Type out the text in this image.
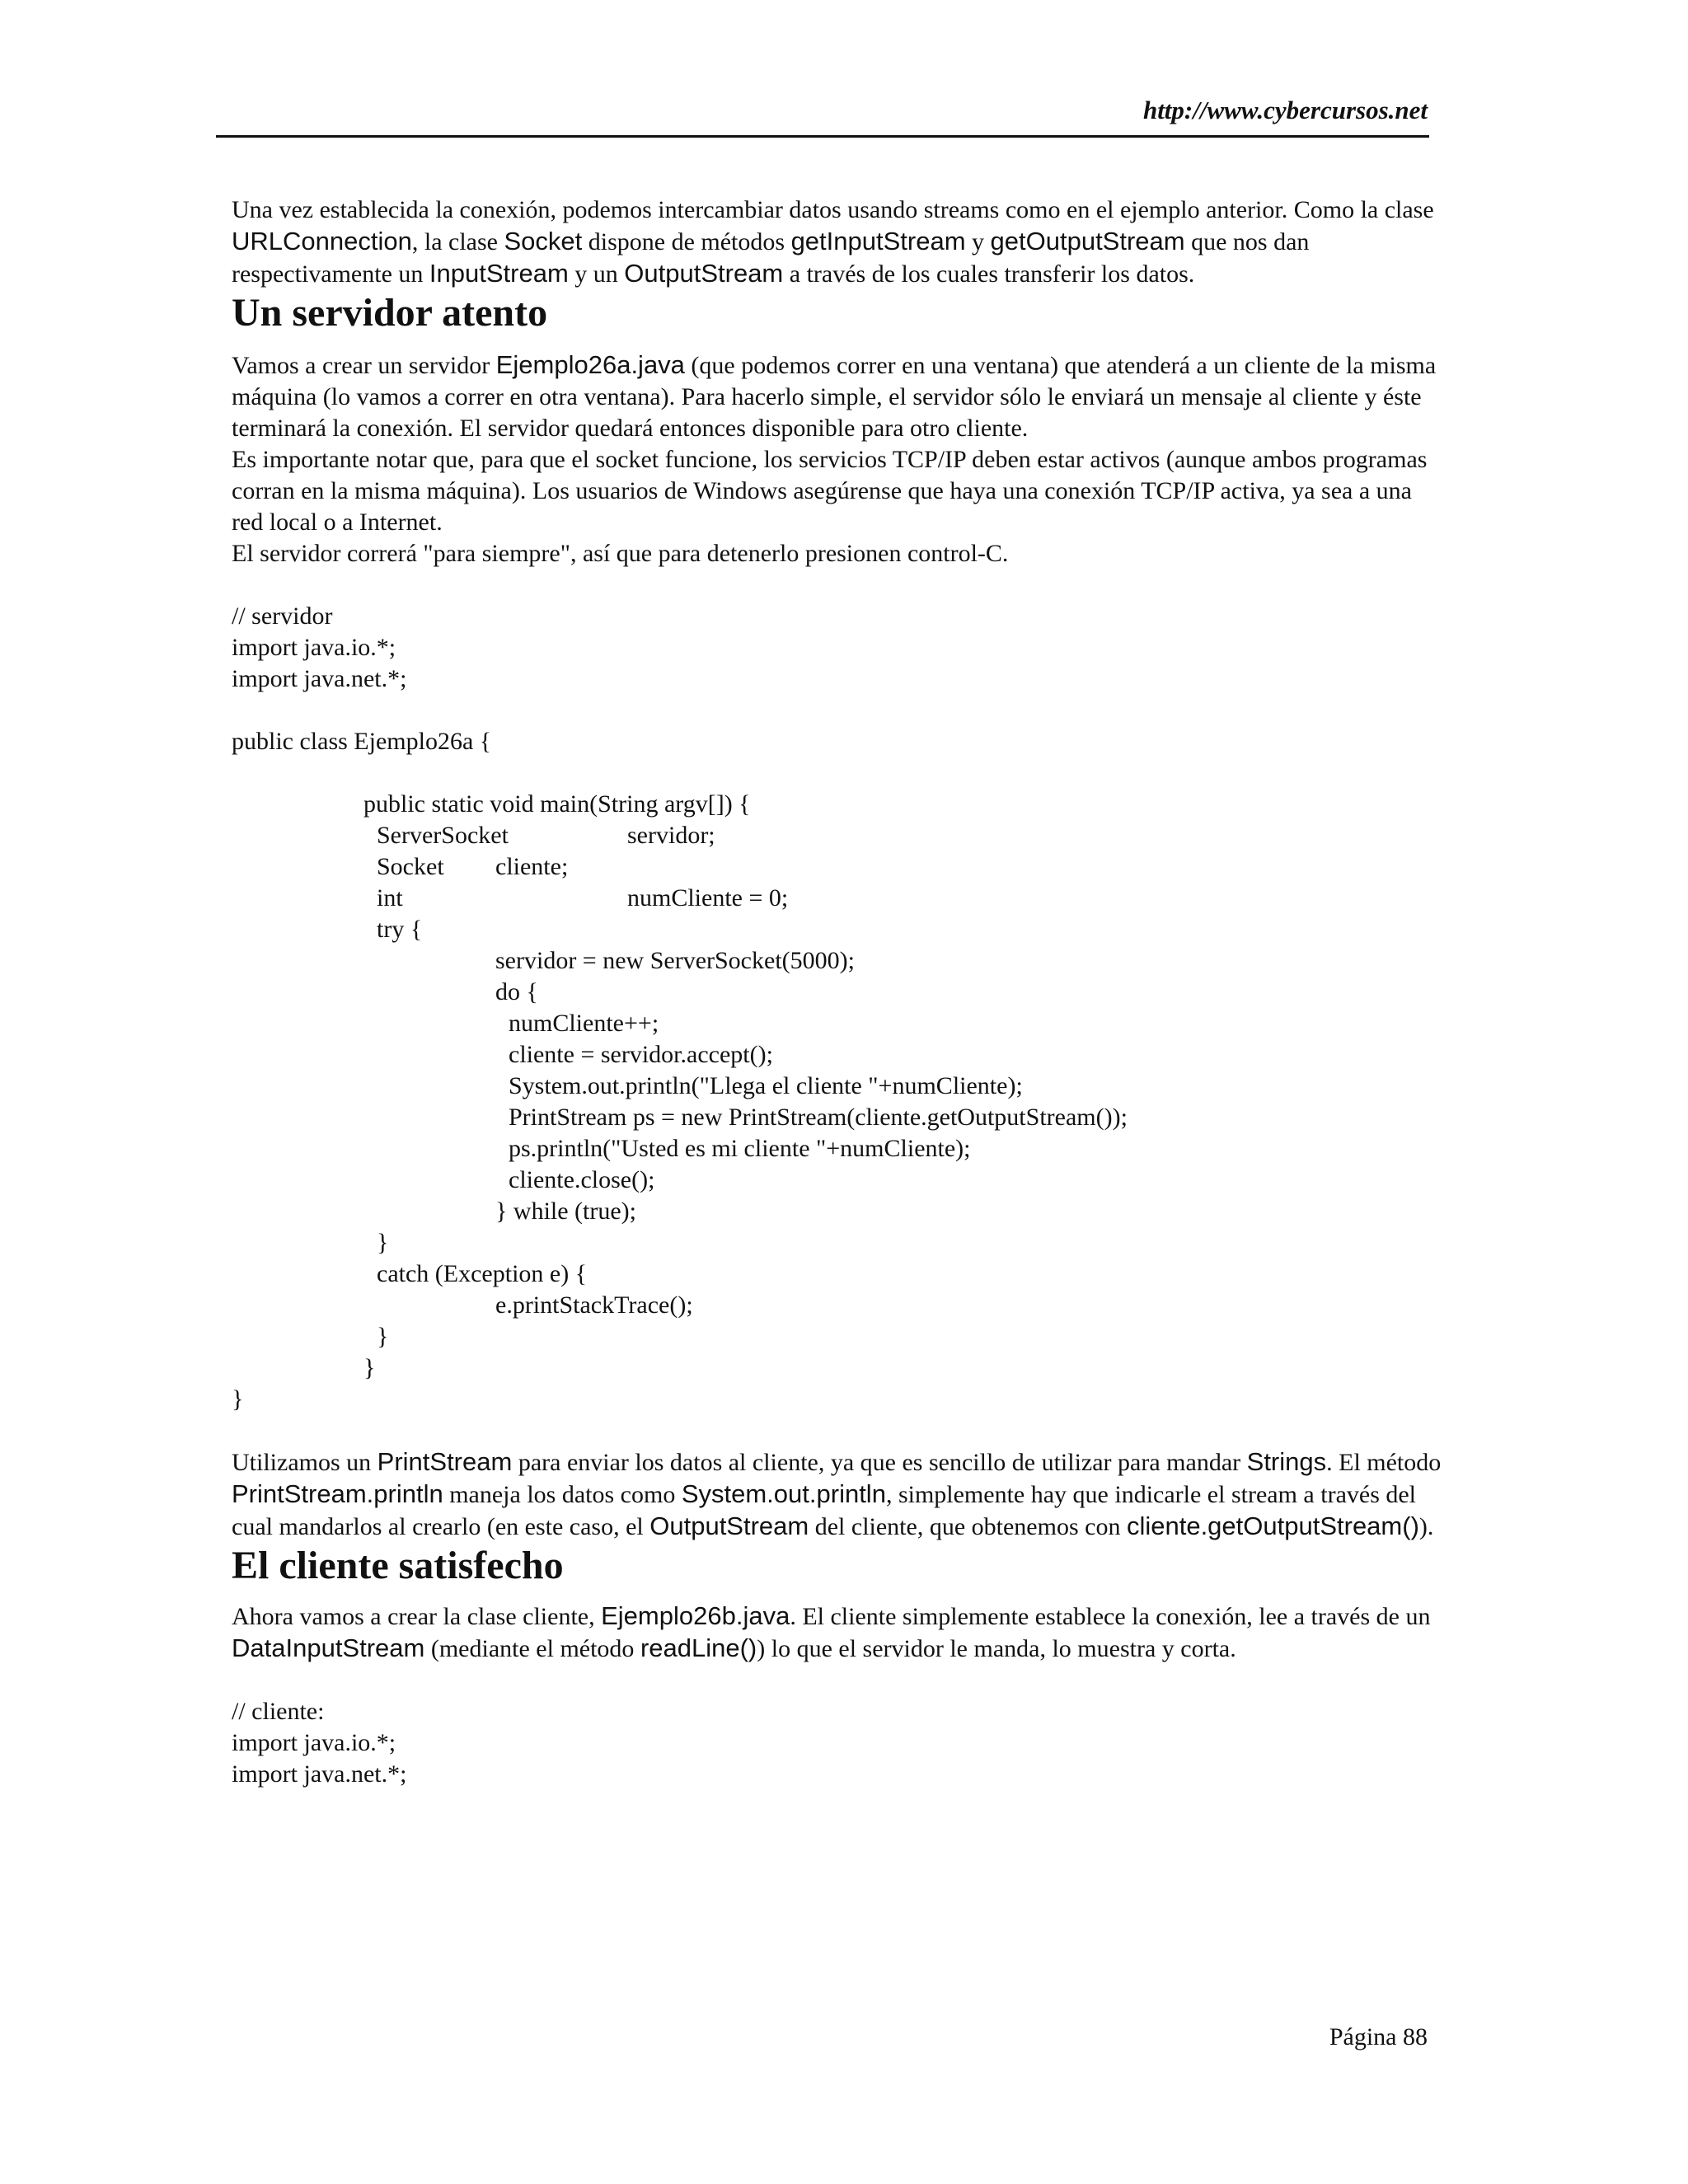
http://www.cybercursos.net

Una vez establecida la conexión, podemos intercambiar datos usando streams como en el ejemplo anterior. Como la clase URLConnection, la clase Socket dispone de métodos getInputStream y getOutputStream que nos dan respectivamente un InputStream y un OutputStream a través de los cuales transferir los datos.

Un servidor atento

Vamos a crear un servidor Ejemplo26a.java (que podemos correr en una ventana) que atenderá a un cliente de la misma máquina (lo vamos a correr en otra ventana). Para hacerlo simple, el servidor sólo le enviará un mensaje al cliente y éste terminará la conexión. El servidor quedará entonces disponible para otro cliente.

Es importante notar que, para que el socket funcione, los servicios TCP/IP deben estar activos (aunque ambos programas corran en la misma máquina). Los usuarios de Windows asegúrense que haya una conexión TCP/IP activa, ya sea a una red local o a Internet.

El servidor correrá "para siempre", así que para detenerlo presionen control-C.

// servidor
import java.io.*;
import java.net.*;
public class Ejemplo26a {
public static void main(String argv[]) {
ServerSocket	servidor;
Socket cliente;
int	numCliente = 0;
try {
servidor = new ServerSocket(5000);
do {
numCliente++;
cliente = servidor.accept();
System.out.println("Llega el cliente "+numCliente);
PrintStream ps = new PrintStream(cliente.getOutputStream());
ps.println("Usted es mi cliente "+numCliente);
cliente.close();
} while (true);
}
catch (Exception e) {
e.printStackTrace();
}
}
}

Utilizamos un PrintStream para enviar los datos al cliente, ya que es sencillo de utilizar para mandar Strings. El método PrintStream.println maneja los datos como System.out.println, simplemente hay que indicarle el stream a través del cual mandarlos al crearlo (en este caso, el OutputStream del cliente, que obtenemos con cliente.getOutputStream()).

El cliente satisfecho

Ahora vamos a crear la clase cliente, Ejemplo26b.java. El cliente simplemente establece la conexión, lee a través de un DataInputStream (mediante el método readLine()) lo que el servidor le manda, lo muestra y corta.

// cliente:
import java.io.*;
import java.net.*;
Página 88
